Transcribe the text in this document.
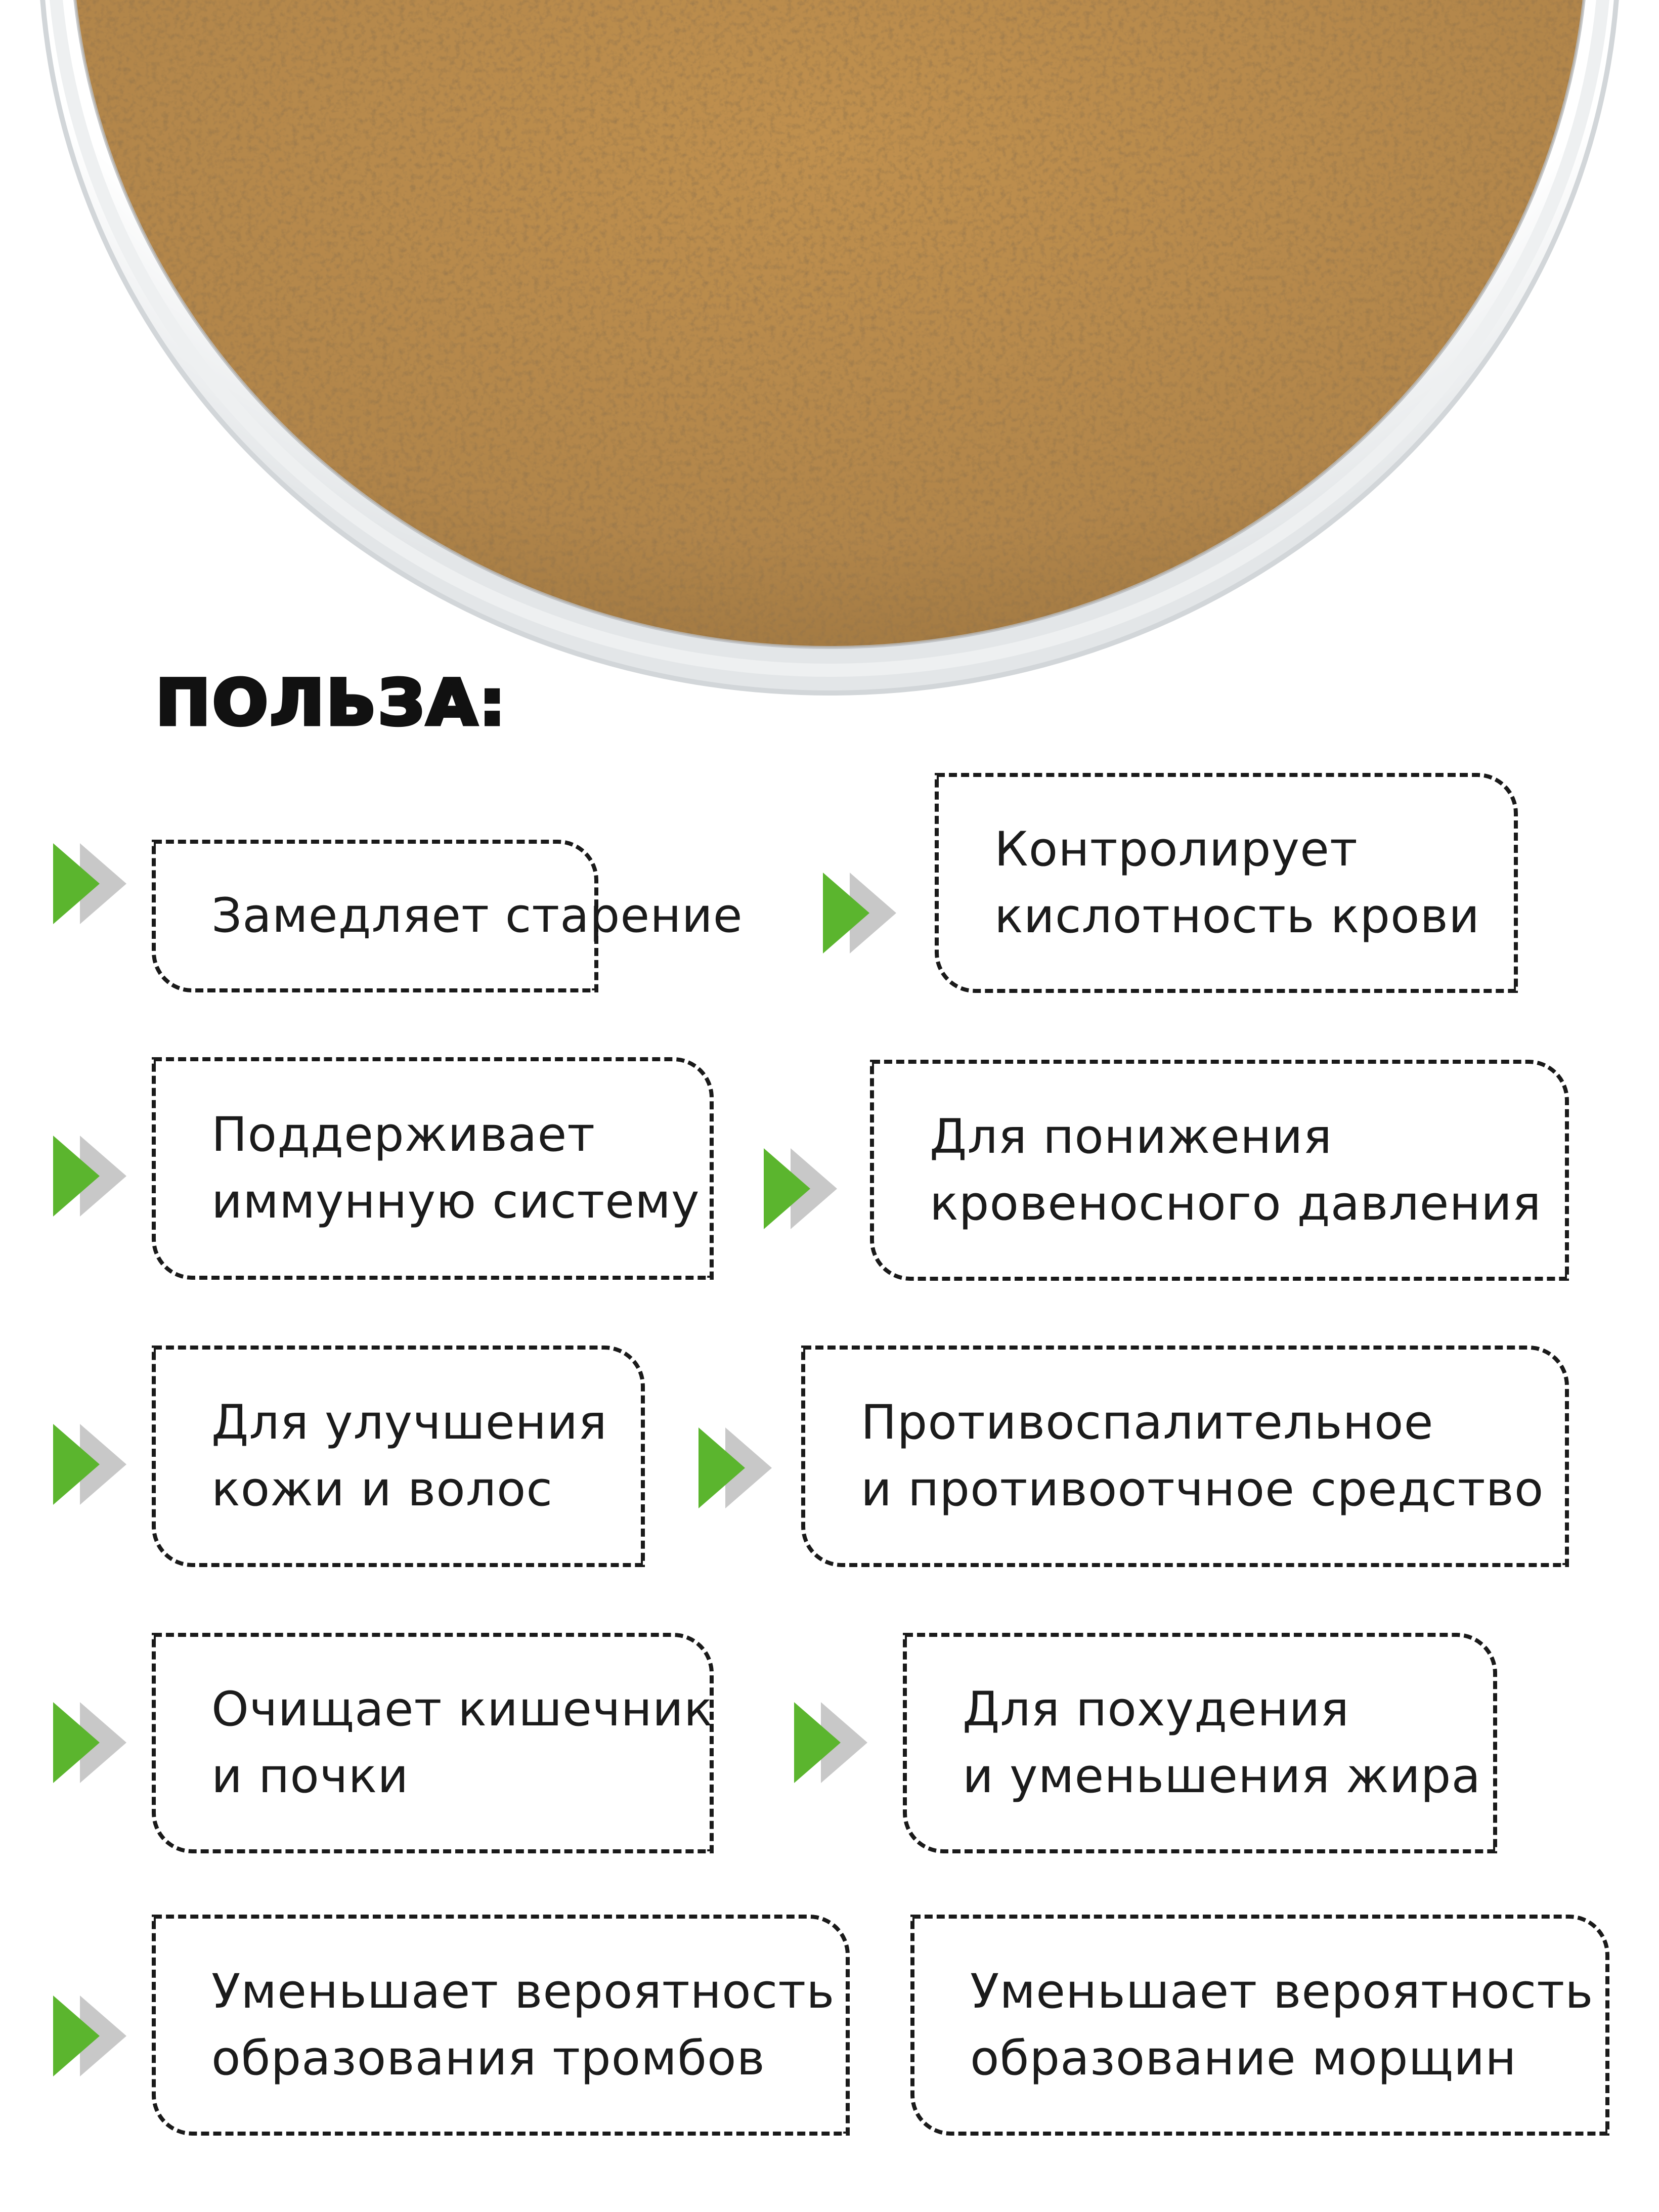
ПОЛЬЗА:
Замедляет старение
Контролирует
кислотность крови
Поддерживает
иммунную систему
Для понижения
кровеносного давления
Для улучшения
кожи и волос
Противоспалительное
и противоотчное средство
Очищает кишечник
и почки
Для похудения
и уменьшения жира
Уменьшает вероятность
образования тромбов
Уменьшает вероятность
образование морщин
